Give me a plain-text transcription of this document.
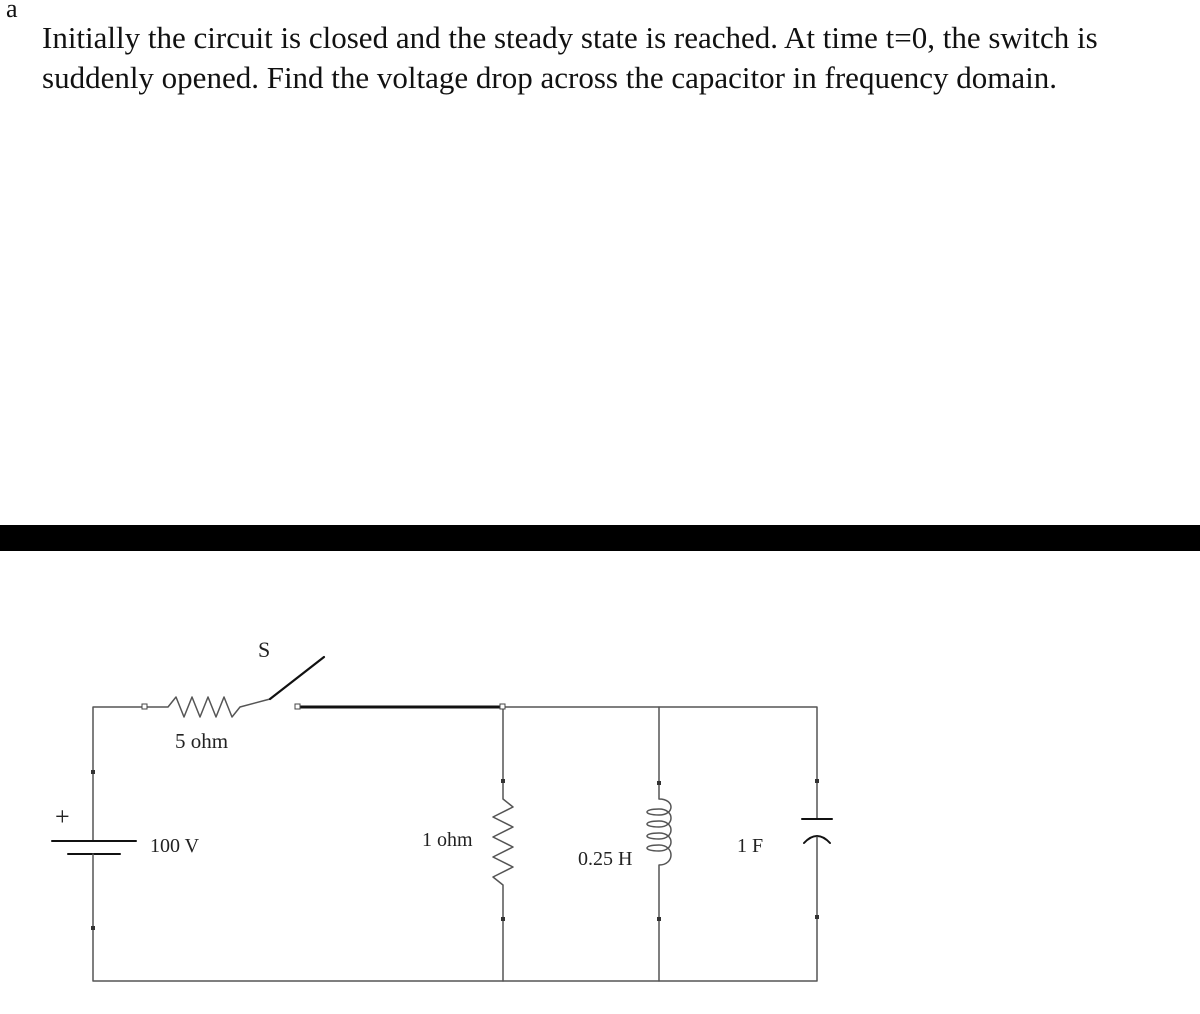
a

Initially the circuit is closed and the steady state is reached. At time t=0, the switch is suddenly opened. Find the voltage drop across the capacitor in frequency domain.

S
5 ohm
+
100 V	1 ohm
0.25 H
1 F
